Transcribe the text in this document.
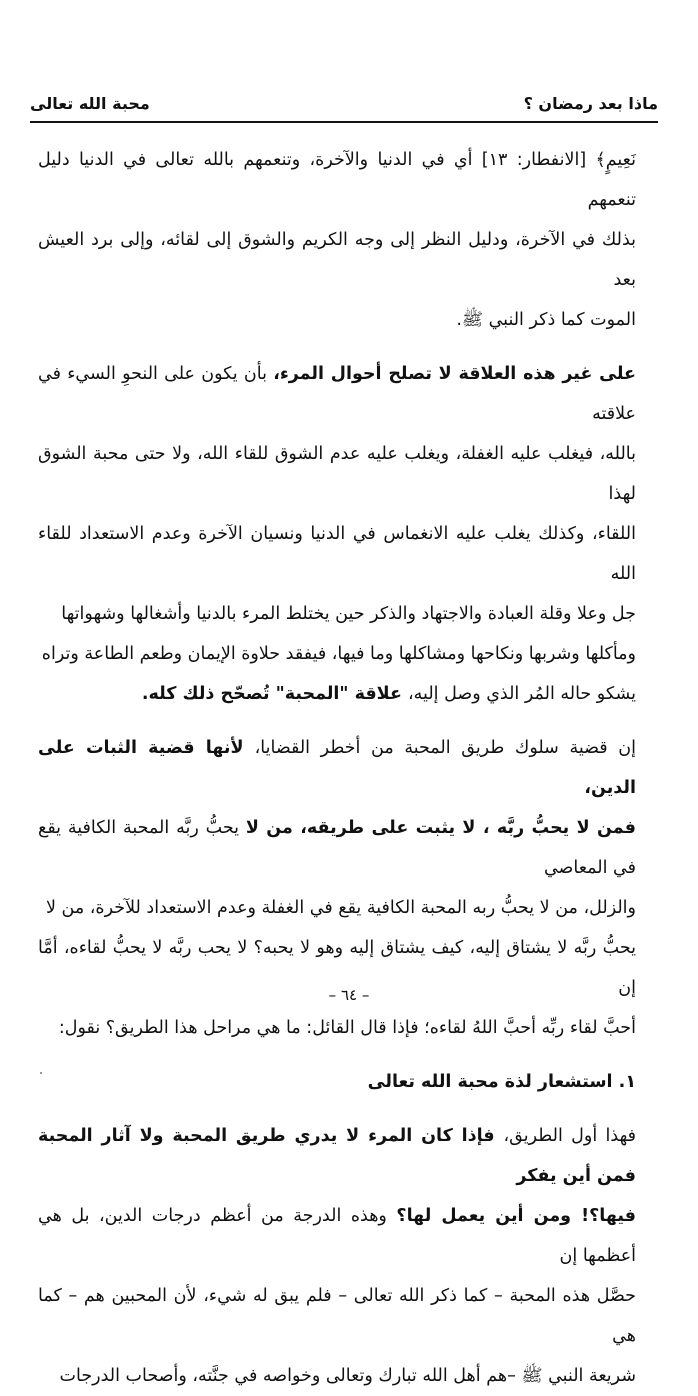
ماذا بعد رمضان ؟
محبة الله تعالى

نَعِيمٍ﴾ [الانفطار: ١٣] أي في الدنيا والآخرة، وتنعمهم بالله تعالى في الدنيا دليل تنعمهم

بذلك في الآخرة، ودليل النظر إلى وجه الكريم والشوق إلى لقائه، وإلى برد العيش بعد

الموت كما ذكر النبي ﷺ.

على غير هذه العلاقة لا تصلح أحوال المرء، بأن يكون على النحوِ السيء في علاقته

بالله، فيغلب عليه الغفلة، ويغلب عليه عدم الشوق للقاء الله، ولا حتى محبة الشوق لهذا

اللقاء، وكذلك يغلب عليه الانغماس في الدنيا ونسيان الآخرة وعدم الاستعداد للقاء الله

جل وعلا وقلة العبادة والاجتهاد والذكر حين يختلط المرء بالدنيا وأشغالها وشهواتها

ومأكلها وشربها ونكاحها ومشاكلها وما فيها، فيفقد حلاوة الإيمان وطعم الطاعة وتراه

يشكو حاله المُر الذي وصل إليه، علاقة "المحبة" تُصحّح ذلك كله.

إن قضية سلوك طريق المحبة من أخطر القضايا، لأنها قضية الثبات على الدين،

فمن لا يحبُّ ربَّه ، لا يثبت على طريقه، من لا يحبُّ ربَّه المحبة الكافية يقع في المعاصي

والزلل، من لا يحبُّ ربه المحبة الكافية يقع في الغفلة وعدم الاستعداد للآخرة، من لا

يحبُّ ربَّه لا يشتاق إليه، كيف يشتاق إليه وهو لا يحبه؟ لا يحب ربَّه لا يحبُّ لقاءه، أمَّا إن

أحبَّ لقاء ربِّه أحبَّ اللهُ لقاءه؛ فإذا قال القائل: ما هي مراحل هذا الطريق؟ نقول:

١. استشعار لذة محبة الله تعالى

فهذا أول الطريق، فإذا كان المرء لا يدري طريق المحبة ولا آثار المحبة فمن أين يفكر

فيها؟! ومن أين يعمل لها؟ وهذه الدرجة من أعظم درجات الدين، بل هي أعظمها إن

حصَّل هذه المحبة – كما ذكر الله تعالى – فلم يبق له شيء، لأن المحبين هم – كما هي

شريعة النبي ﷺ –هم أهل الله تبارك وتعالى وخواصه في جنَّته، وأصحاب الدرجات

– ٦٤ –
